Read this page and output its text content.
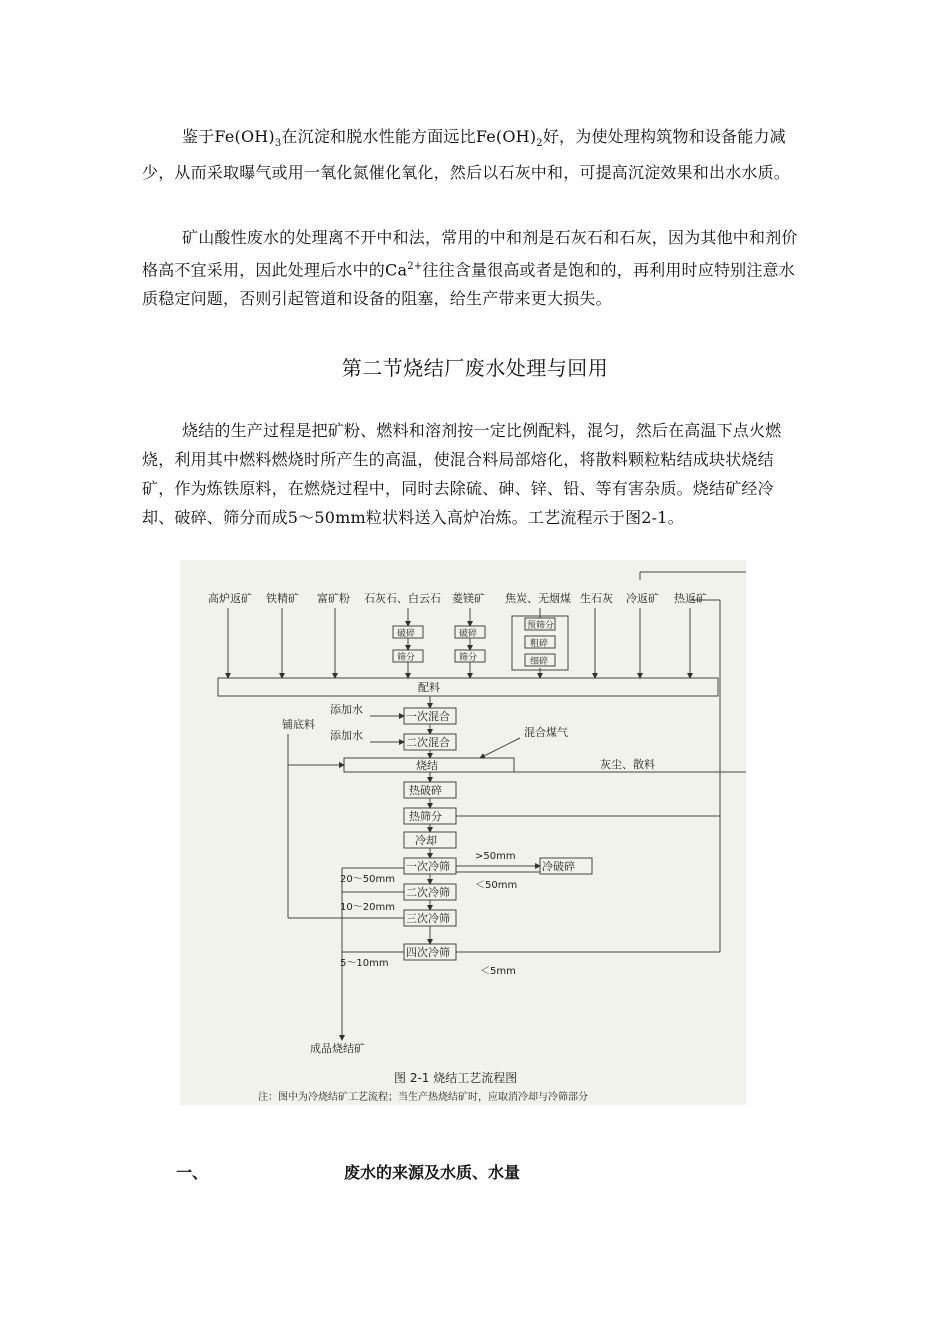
鉴于$Fe(OH)_3$在沉淀和脱水性能方面远比$Fe(OH)_2$好，为使处理构筑物和设备能力减少，从而采取曝气或用一氧化氮催化氧化，然后以石灰中和，可提高沉淀效果和出水水质。

矿山酸性废水的处理离不开中和法，常用的中和剂是石灰石和石灰，因为其他中和剂价格高不宜采用，因此处理后水中的$Ca^{2+}$往往含量很高或者是饱和的，再利用时应特别注意水质稳定问题，否则引起管道和设备的阻塞，给生产带来更大损失。

第二节烧结厂废水处理与回用

烧结的生产过程是把矿粉、燃料和溶剂按一定比例配料，混匀，然后在高温下点火燃烧，利用其中燃料燃烧时所产生的高温，使混合料局部熔化，将散料颗粒粘结成块状烧结矿，作为炼铁原料，在燃烧过程中，同时去除硫、砷、锌、铅、等有害杂质。烧结矿经冷却、破碎、筛分而成5～50mm粒状料送入高炉冶炼。工艺流程示于图2-1。

高炉返矿 铁精矿 富矿粉 石灰石、白云石 菱镁矿 焦炭、无烟煤 生石灰 冷返矿 热返矿
破碎
筛分
破碎
筛分
预筛分
粗碎
细碎
配料
添加水
添加水
一次混合
二次混合
铺底料
混合煤气
烧结	灰尘、散料
热破碎
热筛分
冷却
一次冷筛
>50mm
冷破碎
＜50mm
20～50mm
二次冷筛
10～20mm
三次冷筛
四次冷筛
5～10mm
＜5mm
成品烧结矿
图 2-1 烧结工艺流程图
注：图中为冷烧结矿工艺流程；当生产热烧结矿时，应取消冷却与冷筛部分
一、	废水的来源及水质、水量
